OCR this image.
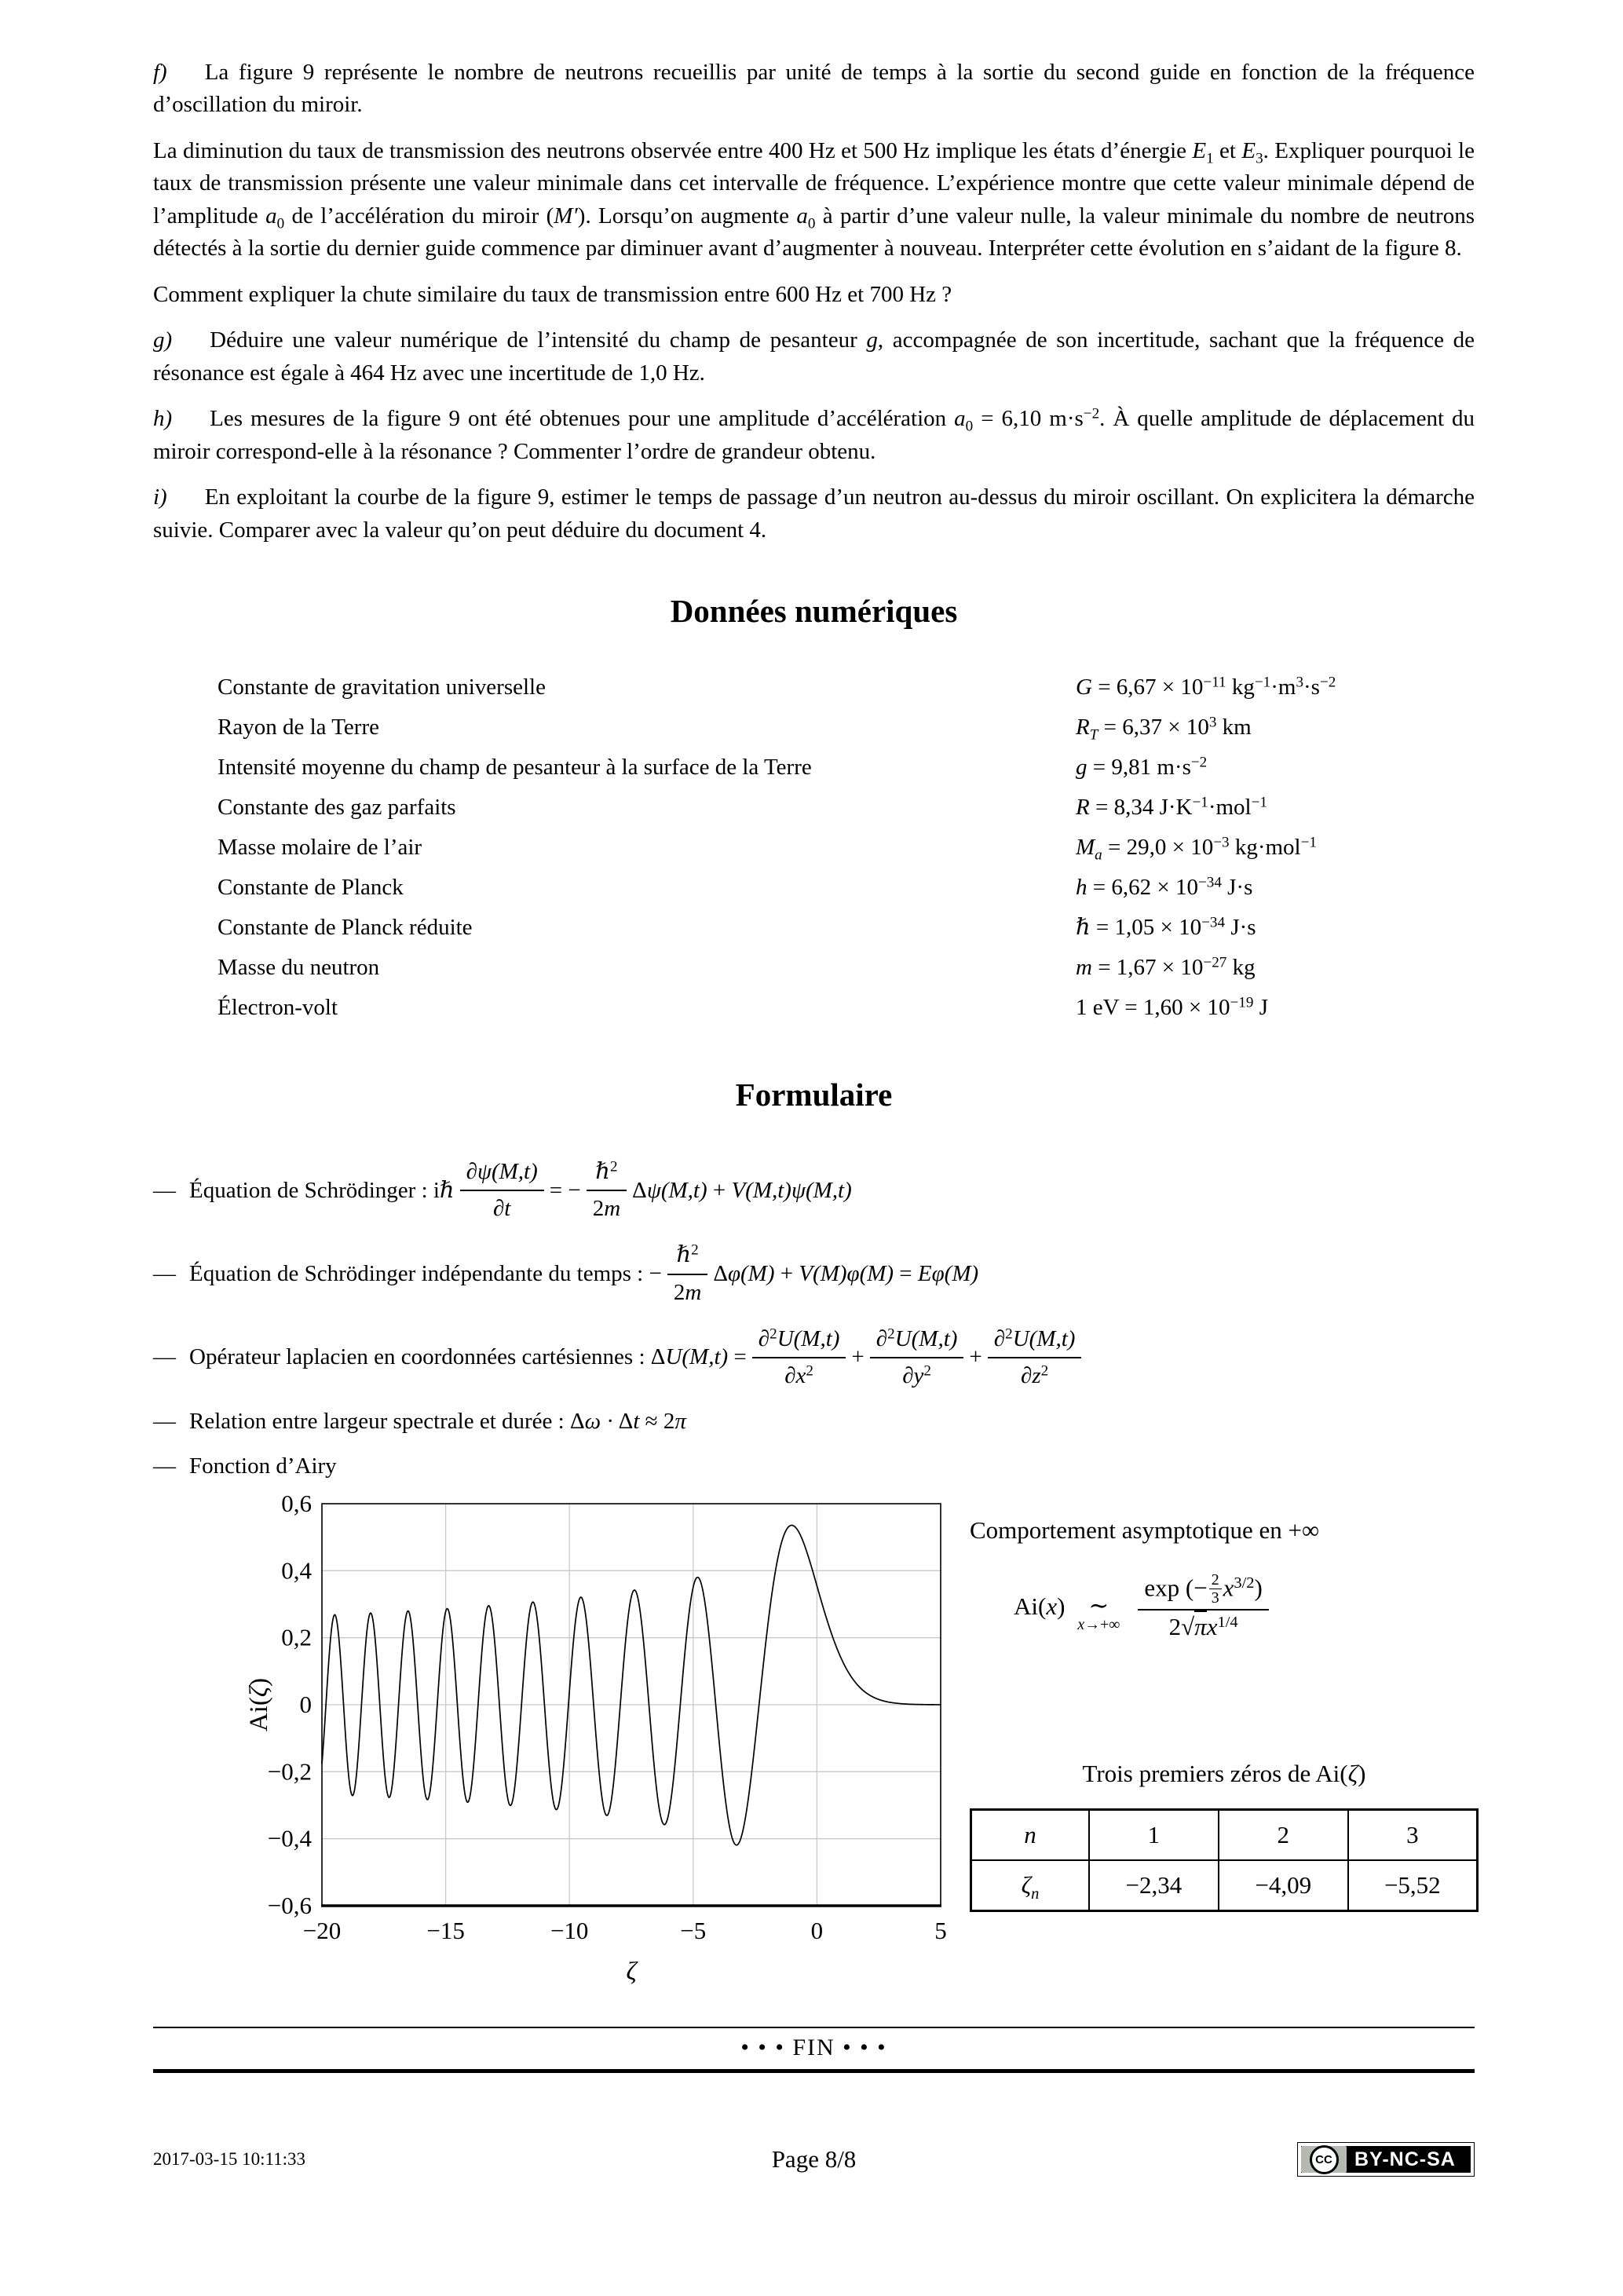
f) La figure 9 représente le nombre de neutrons recueillis par unité de temps à la sortie du second guide en fonction de la fréquence d’oscillation du miroir.

La diminution du taux de transmission des neutrons observée entre 400 Hz et 500 Hz implique les états d’énergie $E_1$ et $E_3$. Expliquer pourquoi le taux de transmission présente une valeur minimale dans cet intervalle de fréquence. L’expérience montre que cette valeur minimale dépend de l’amplitude $a_0$ de l’accélération du miroir (M′). Lorsqu’on augmente $a_0$ à partir d’une valeur nulle, la valeur minimale du nombre de neutrons détectés à la sortie du dernier guide commence par diminuer avant d’augmenter à nouveau. Interpréter cette évolution en s’aidant de la figure 8.

Comment expliquer la chute similaire du taux de transmission entre 600 Hz et 700 Hz ?

g) Déduire une valeur numérique de l’intensité du champ de pesanteur g, accompagnée de son incertitude, sachant que la fréquence de résonance est égale à 464 Hz avec une incertitude de 1,0 Hz.

h) Les mesures de la figure 9 ont été obtenues pour une amplitude d’accélération $a_0 = 6,10$ $m\cdot s^{-2}$. À quelle amplitude de déplacement du miroir correspond-elle à la résonance ? Commenter l’ordre de grandeur obtenu.

i) En exploitant la courbe de la figure 9, estimer le temps de passage d’un neutron au-dessus du miroir oscillant. On explicitera la démarche suivie. Comparer avec la valeur qu’on peut déduire du document 4.

Données numériques
Constante de gravitation universelle	$G = 6,67 \times 10^{-11}$ $kg^{-1}\cdot m^3\cdot s^{-2}$
Rayon de la Terre	$R_T = 6,37 \times 10^3$ km
Intensité moyenne du champ de pesanteur à la surface de la Terre	g = 9,81 $m\cdot s^{-2}$
Constante des gaz parfaits	R = 8,34 $J\cdot K^{-1}\cdot mol^{-1}$
Masse molaire de l’air	$M_a = 29,0 \times 10^{-3}$ kg·mol$^{-1}$
Constante de Planck	$h = 6,62 \times 10^{-34}$ J·s
Constante de Planck réduite	ℏ = $1,05 \times 10^{-34}$ J·s
Masse du neutron	$m = 1,67 \times 10^{-27}$ kg
Électron-volt	1 eV = $1,60 \times 10^{-19}$ J
Formulaire
— Équation de Schrödinger : iℏ $\frac{\partial\psi(M,t)}{\partial t}$ = − $\frac{\hbar^2}{2m} \Delta\psi(M,t) + V(M,t)\psi(M,t)$
— Équation de Schrödinger indépendante du temps : − $\frac{\hbar^2}{2m} \Delta\varphi(M) + V(M)\varphi(M) = E\varphi(M)$
— Opérateur laplacien en coordonnées cartésiennes : $\Delta U(M,t) = \frac{\partial^2U(M,t)}{\partial x^2} + \frac{\partial^2U(M,t)}{\partial y^2} + \frac{\partial^2U(M,t)}{\partial z^2}$
— Relation entre largeur spectrale et durée : Δω · Δt ≈ 2π
— Fonction d’Airy
−20	−15	−10	−5	0	5
−0,6
−0,4
−0,2
0
0,2
0,4
0,6
ζ
Ai(ζ)
Comportement asymptotique en +∞
Ai(x) ∼
$x\to+\infty \frac{\exp (- \frac{2}{3} x^{3/2})}{2√\pi x^{1/4}}$
Trois premiers zéros de Ai(ζ)
n	1	2	3
$\zeta_n$	−2,34	−4,09	−5,52
• • • FIN • • •
2017-03-15 10:11:33	Page 8/8	CC	BY-NC-SA
